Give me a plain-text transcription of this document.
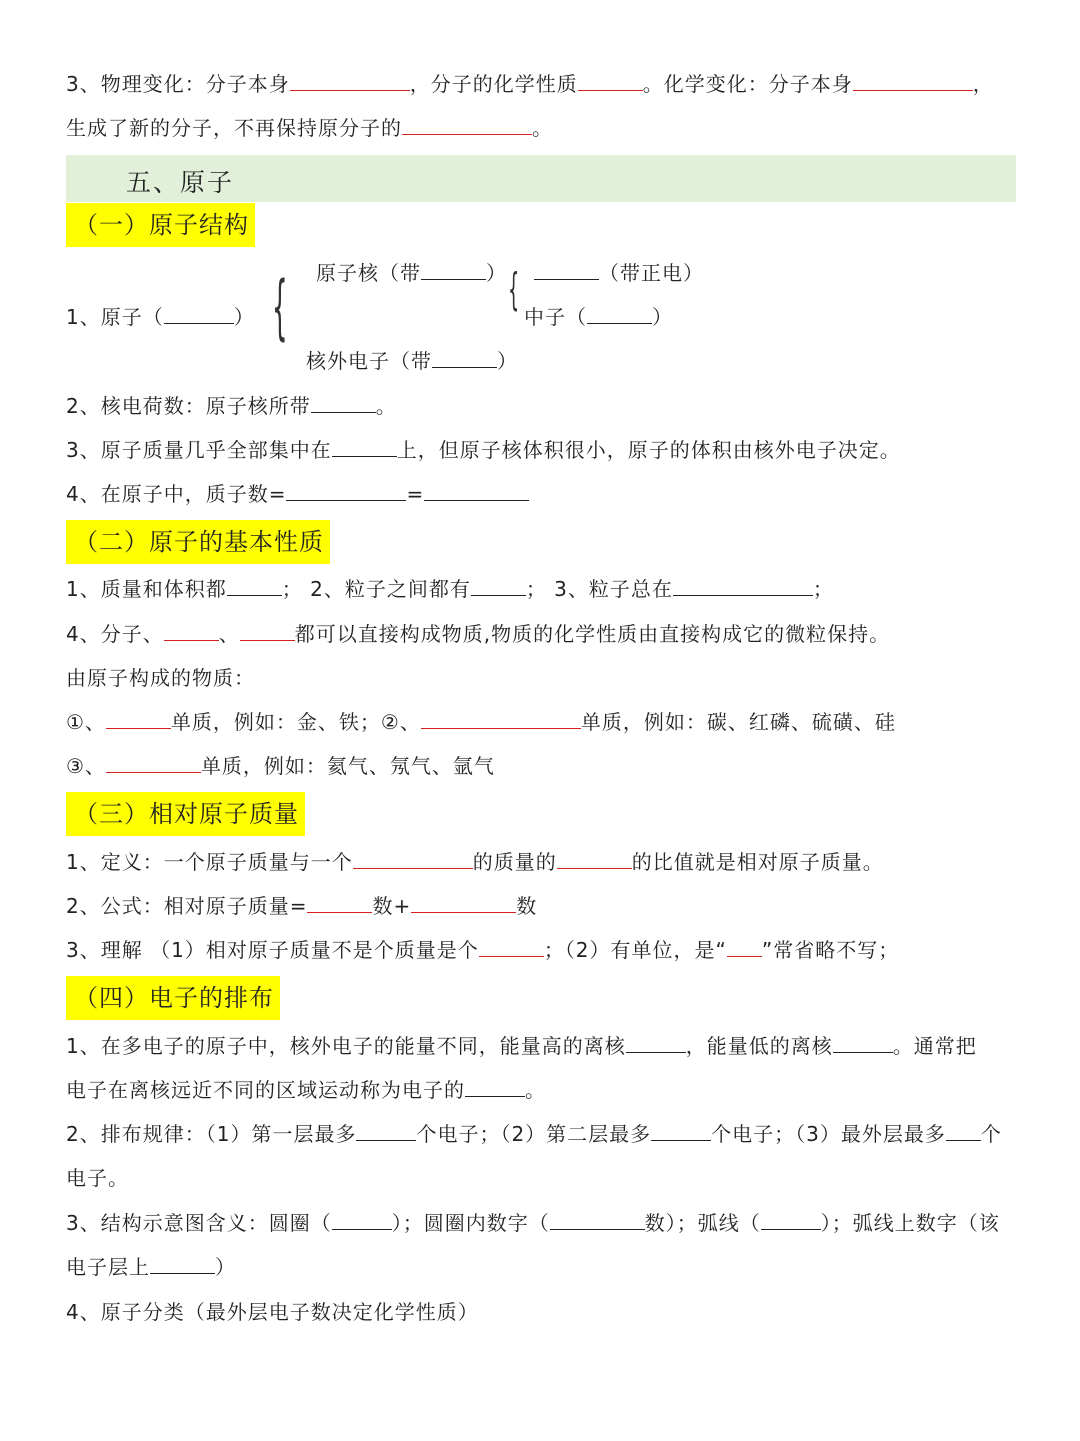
3、物理变化：分子本身	，分子的化学性质	。化学变化：分子本身	，
生成了新的分子，不再保持原分子的	。
五、原子
（一）原子结构
1、原子（	） { 原子核（带	） {	（带正电）
中子（	）
核外电子（带	）
2、核电荷数：原子核所带	。
3、原子质量几乎全部集中在	上，但原子核体积很小，原子的体积由核外电子决定。
4、在原子中，质子数=	=
（二）原子的基本性质
1、质量和体积都	； 2、粒子之间都有	； 3、粒子总在	；
4、分子、	、	都可以直接构成物质,物质的化学性质由直接构成它的微粒保持。
由原子构成的物质：
①、	单质，例如：金、铁；②、	单质，例如：碳、红磷、硫磺、硅
③、	单质，例如：氦气、氖气、氩气
（三）相对原子质量
1、定义：一个原子质量与一个	的质量的	的比值就是相对原子质量。
2、公式：相对原子质量=	数+	数
3、理解 （1）相对原子质量不是个质量是个	；（2）有单位，是“ ”常省略不写；
（四）电子的排布
1、在多电子的原子中，核外电子的能量不同，能量高的离核	，能量低的离核	。通常把
电子在离核远近不同的区域运动称为电子的	。
2、排布规律：（1）第一层最多	个电子；（2）第二层最多	个电子；（3）最外层最多 个
电子。
3、结构示意图含义：圆圈（	）；圆圈内数字（	数）；弧线（	）；弧线上数字（该
电子层上	）
4、原子分类（最外层电子数决定化学性质）
